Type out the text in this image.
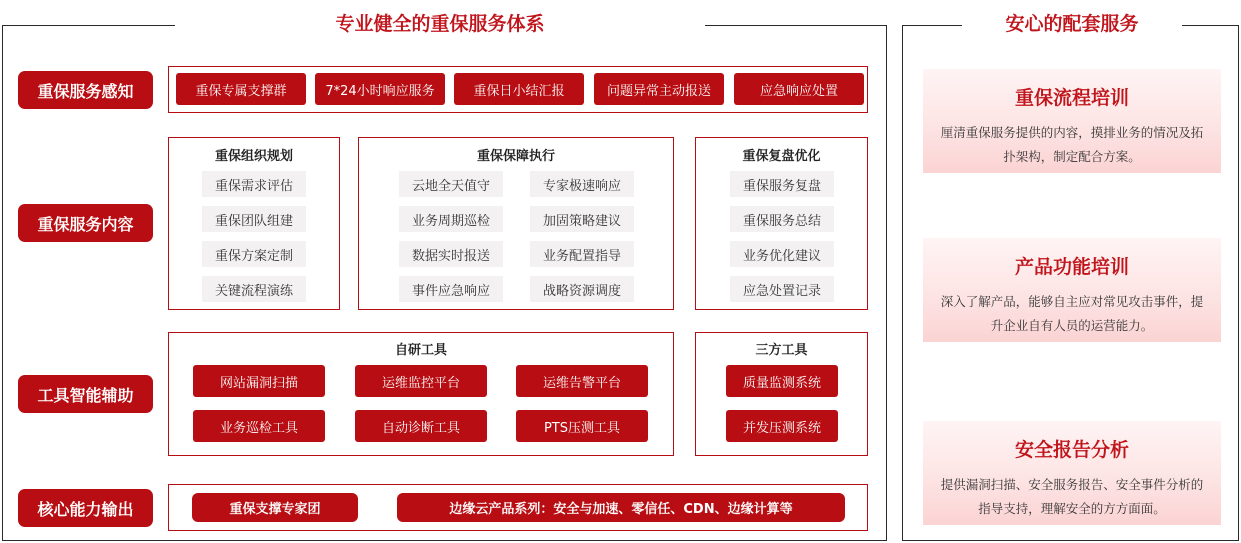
专业健全的重保服务体系
重保服务感知	重保专属支撑群	7*24小时响应服务	重保日小结汇报	问题异常主动报送	应急响应处置
重保服务内容
重保组织规划
重保需求评估
重保团队组建
重保方案定制
关键流程演练
重保保障执行
云地全天值守	专家极速响应
业务周期巡检	加固策略建议
数据实时报送	业务配置指导
事件应急响应	战略资源调度
重保复盘优化
重保服务复盘
重保服务总结
业务优化建议
应急处置记录
工具智能辅助
自研工具
网站漏洞扫描	运维监控平台	运维告警平台
业务巡检工具	自动诊断工具	PTS压测工具
三方工具
质量监测系统
并发压测系统
核心能力输出	重保支撑专家团	边缘云产品系列：安全与加速、零信任、CDN、边缘计算等
安心的配套服务
重保流程培训
厘清重保服务提供的内容，摸排业务的情况及拓扑架构，制定配合方案。
产品功能培训
深入了解产品，能够自主应对常见攻击事件，提升企业自有人员的运营能力。
安全报告分析
提供漏洞扫描、安全服务报告、安全事件分析的指导支持，理解安全的方方面面。
